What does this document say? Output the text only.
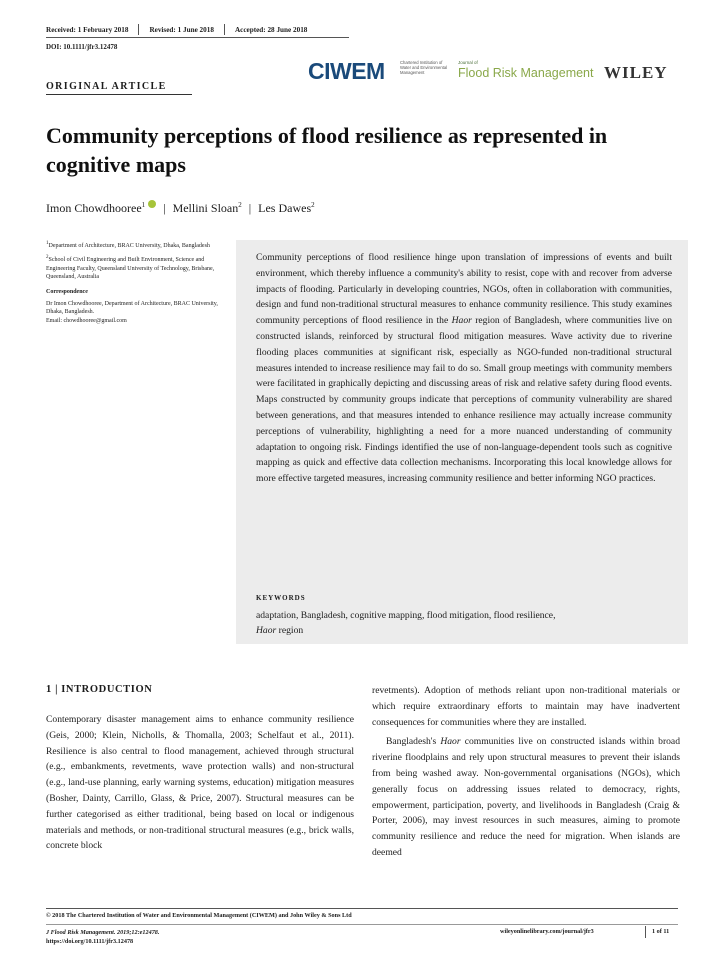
Received: 1 February 2018	Revised: 1 June 2018	Accepted: 28 June 2018
DOI: 10.1111/jfr3.12478
CIWEM	Chartered Institution of Water and Environmental Management
Journal of
Flood Risk Management WILEY
ORIGINAL ARTICLE
Community perceptions of flood resilience as represented in cognitive maps
Imon Chowdhooree$^1$	| Mellini Sloan$^2$ | Les Dawes$^2$

$^1$Department of Architecture, BRAC University, Dhaka, Bangladesh

$^2$School of Civil Engineering and Built Environment, Science and Engineering Faculty, Queensland University of Technology, Brisbane, Queensland, Australia

Correspondence

Dr Imon Chowdhooree, Department of Architecture, BRAC University, Dhaka, Bangladesh.

Email: chowdhooree@gmail.com

Community perceptions of flood resilience hinge upon translation of impressions of events and built environment, which thereby influence a community's ability to resist, cope with and recover from adverse impacts of flooding. Particularly in developing countries, NGOs, often in collaboration with communities, design and fund non-traditional structural measures to enhance community resilience. This study examines community perceptions of flood resilience in the Haor region of Bangladesh, where communities live on constructed islands, reinforced by structural flood mitigation measures. Wave activity due to riverine flooding places communities at significant risk, especially as NGO-funded non-traditional structural measures intended to increase resilience may fail to do so. Small group meetings with community members were facilitated in graphically depicting and discussing areas of risk and relative safety during flood events. Maps constructed by community groups indicate that perceptions of community vulnerability are shared between generations, and that measures intended to enhance resilience may actually increase community perceptions of vulnerability, highlighting a need for a more nuanced understanding of community adaptation to ongoing risk. Findings identified the use of non-language-dependent tools such as cognitive mapping as quick and effective data collection mechanisms. Incorporating this local knowledge allows for more effective targeted measures, increasing community resilience and better informing NGO practices.
KEYWORDS
adaptation, Bangladesh, cognitive mapping, flood mitigation, flood resilience,
Haor region
1 | INTRODUCTION
Contemporary disaster management aims to enhance community resilience (Geis, 2000; Klein, Nicholls, & Thomalla, 2003; Schelfaut et al., 2011). Resilience is also central to flood management, achieved through structural (e.g., embankments, revetments, wave protection walls) and non-structural (e.g., land-use planning, early warning systems, education) mitigation measures (Bosher, Dainty, Carrillo, Glass, & Price, 2007). Structural measures can be further categorised as either traditional, being based on local or indigenous materials and methods, or non-traditional structural measures (e.g., brick walls, concrete block

revetments). Adoption of methods reliant upon non-traditional materials or which require extraordinary efforts to maintain may have inadvertent consequences for communities where they are installed.

Bangladesh's Haor communities live on constructed islands within broad riverine floodplains and rely upon structural measures to prevent their islands from being washed away. Non-governmental organisations (NGOs), which generally focus on addressing issues related to democracy, rights, empowerment, participation, poverty, and livelihoods in Bangladesh (Craig & Porter, 2006), may invest resources in such measures, aiming to promote community resilience and reduce the need for migration. When islands are deemed

© 2018 The Chartered Institution of Water and Environmental Management (CIWEM) and John Wiley & Sons Ltd
J Flood Risk Management. 2019;12:e12478.
https://doi.org/10.1111/jfr3.12478
wileyonlinelibrary.com/journal/jfr3	1 of 11
